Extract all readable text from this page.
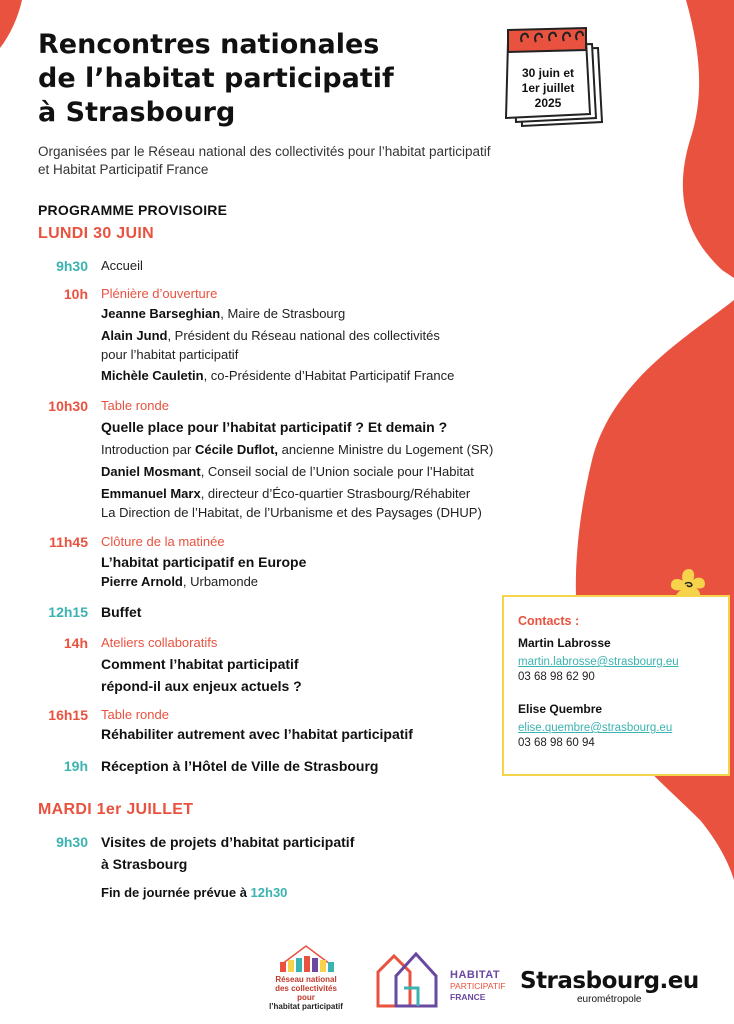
Rencontres nationales
de l’habitat participatif
à Strasbourg
Organisées par le Réseau national des collectivités pour l’habitat participatif
et Habitat Participatif France
30 juin et
1er juillet
2025
PROGRAMME PROVISOIRE
LUNDI 30 JUIN
9h30 Accueil
10h Plénière d’ouverture
Jeanne Barseghian, Maire de Strasbourg
Alain Jund, Président du Réseau national des collectivités
pour l’habitat participatif
Michèle Cauletin, co-Présidente d’Habitat Participatif France
10h30 Table ronde
Quelle place pour l’habitat participatif ? Et demain ?
Introduction par Cécile Duflot, ancienne Ministre du Logement (SR)
Daniel Mosmant, Conseil social de l’Union sociale pour l’Habitat
Emmanuel Marx, directeur d’Éco-quartier Strasbourg/Réhabiter
La Direction de l’Habitat, de l’Urbanisme et des Paysages (DHUP)
11h45 Clôture de la matinée
L’habitat participatif en Europe
Pierre Arnold, Urbamonde
12h15 Buffet
14h Ateliers collaboratifs
Comment l’habitat participatif
répond-il aux enjeux actuels ?
16h15 Table ronde
Réhabiliter autrement avec l’habitat participatif
19h Réception à l’Hôtel de Ville de Strasbourg
MARDI 1er JUILLET
9h30 Visites de projets d’habitat participatif
à Strasbourg
Fin de journée prévue à 12h30
Contacts :
Martin Labrosse
martin.labrosse@strasbourg.eu
03 68 98 62 90
Elise Quembre
elise.quembre@strasbourg.eu
03 68 98 60 94
Réseau national
des collectivités pour
l’habitat participatif
HABITAT
PARTICIPATIF
FRANCE
Strasbourg.eu
eurométropole
